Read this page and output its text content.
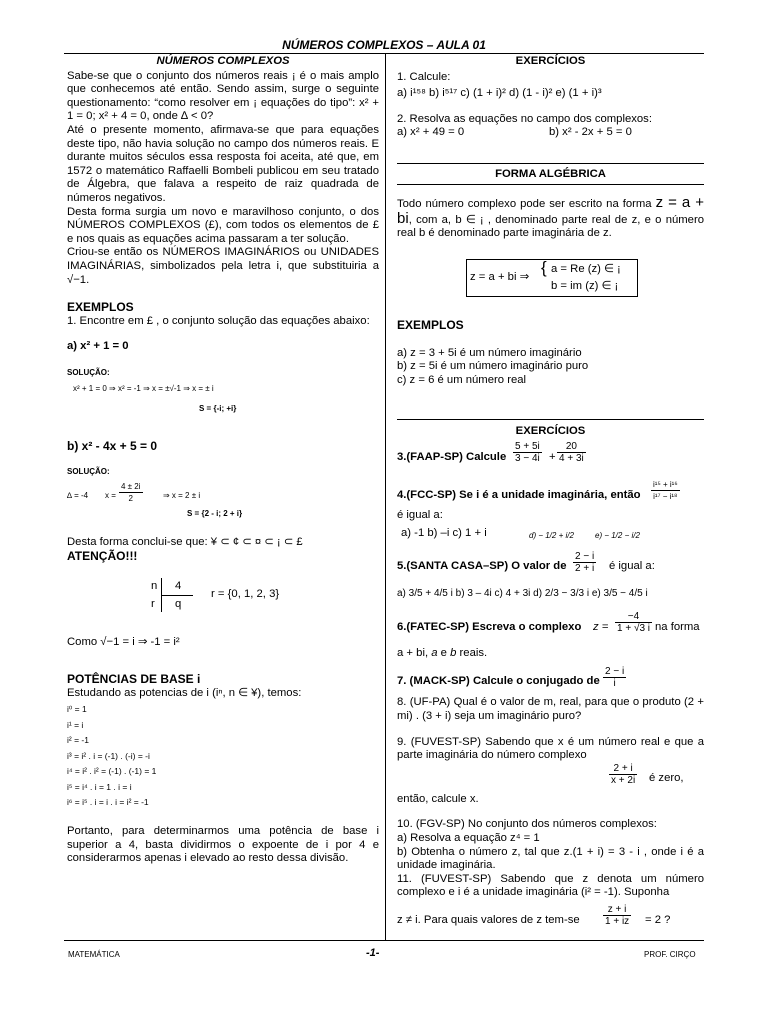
NÚMEROS COMPLEXOS – AULA 01
NÚMEROS COMPLEXOS
Sabe-se que o conjunto dos números reais ¡ é o mais amplo que conhecemos até então. Sendo assim, surge o seguinte questionamento: “como resolver em ¡ equações do tipo”: x² + 1 = 0; x² + 4 = 0, onde ∆ < 0?
Até o presente momento, afirmava-se que para equações deste tipo, não havia solução no campo dos números reais. E durante muitos séculos essa resposta foi aceita, até que, em 1572 o matemático Raffaelli Bombeli publicou em seu tratado de Álgebra, que falava a respeito de raiz quadrada de números negativos.
Desta forma surgia um novo e maravilhoso conjunto, o dos NÚMEROS COMPLEXOS (£), com todos os elementos de £ e nos quais as equações acima passaram a ter solução.
Criou-se então os NÚMEROS IMAGINÁRIOS ou UNIDADES IMAGINÁRIAS, simbolizados pela letra i, que substituiria a √−1.
EXEMPLOS
1. Encontre em £ , o conjunto solução das equações abaixo:
a) x² + 1 = 0
SOLUÇÃO:
x² + 1 = 0 ⇒ x² = -1 ⇒ x = ±√-1 ⇒ x = ± i
S = {-i; +i}
b) x² - 4x + 5 = 0
SOLUÇÃO:
∆ = -4 $x = \frac{4 \pm 2i}{2}$	⇒ x = 2 ± i
S = {2 - i; 2 + i}
Desta forma conclui-se que: ¥ ⊂ ¢ ⊂ ¤ ⊂ ¡ ⊂ £
ATENÇÃO!!!
n 4
r q
r = {0, 1, 2, 3}
Como √−1 = i ⇒ -1 = i²
POTÊNCIAS DE BASE i
Estudando as potencias de i (iⁿ, n ∈ ¥), temos:
i⁰ = 1
i¹ = i
i² = -1
i³ = i² . i = (-1) . (-i) = -i
i⁴ = i² . i² = (-1) . (-1) = 1
i⁵ = i⁴ . i = 1 . i = i
i⁶ = i⁵ . i = i . i = i² = -1
Portanto, para determinarmos uma potência de base i superior a 4, basta dividirmos o expoente de i por 4 e considerarmos apenas i elevado ao resto dessa divisão.
EXERCÍCIOS
1. Calcule:
a) i¹⁵⁸ b) i⁵¹⁷ c) (1 + i)² d) (1 - i)² e) (1 + i)³
2. Resolva as equações no campo dos complexos:
a) x² + 49 = 0	b) x² - 2x + 5 = 0
FORMA ALGÉBRICA
Todo número complexo pode ser escrito na forma z = a + bi, com a, b ∈ ¡ , denominado parte real de z, e o número real b é denominado parte imaginária de z.
z = a + bi ⇒ { a = Re (z) ∈ ¡
b = im (z) ∈ ¡
EXEMPLOS
a) z = 3 + 5i é um número imaginário
b) z = 5i é um número imaginário puro
c) z = 6 é um número real
EXERCÍCIOS
3.(FAAP-SP) Calcule $\frac{5 + 5i}{3 - 4i} + \frac{20}{4 + 3i}$
4.(FCC-SP) Se i é a unidade imaginária, então $\frac{\text{i¹⁵ + i¹⁶}}{\text{i¹⁷ − i¹⁸}}$
é igual a:
a) -1 b) –i c) 1 + i	d) − 1/2 + i/2	e) − 1/2 − i/2
5.(SANTA CASA–SP) O valor de $\frac{2 - i}{2 + i}$ é igual a:
a) 3/5 + 4/5 i b) 3 – 4i c) 4 + 3i d) 2/3 − 3/3 i e) 3/5 − 4/5 i
6.(FATEC-SP) Escreva o complexo $z = \frac{-4}{1 + √3 i}$ na forma
a + bi, a e b reais.
7. (MACK-SP) Calcule o conjugado de $\frac{2 - i}{i}$
8. (UF-PA) Qual é o valor de m, real, para que o produto (2 + mi) . (3 + i) seja um imaginário puro?
9. (FUVEST-SP) Sabendo que x é um número real e que a parte imaginária do número complexo
$\frac{2 + i}{x + 2i}$ é zero,
então, calcule x.
10. (FGV-SP) No conjunto dos números complexos:
a) Resolva a equação z⁴ = 1
b) Obtenha o número z, tal que z.(1 + i) = 3 - i , onde i é a unidade imaginária.
11. (FUVEST-SP) Sabendo que z denota um número complexo e i é a unidade imaginária (i² = -1). Suponha
z ≠ i. Para quais valores de z $tem-se \frac{z + i}{1 + iz} = 2$ ?
MATEMÁTICA	-1-	PROF. CIRÇO
